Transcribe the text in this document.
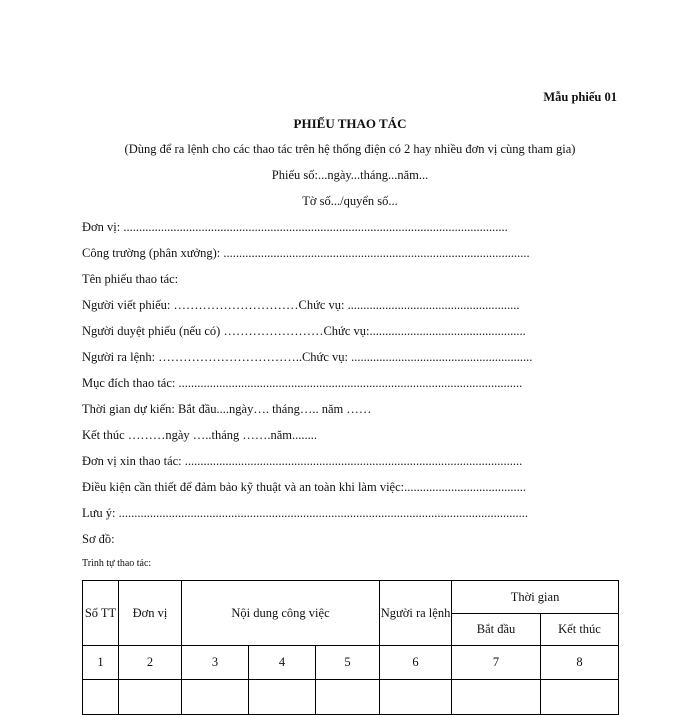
Mẫu phiếu 01
PHIẾU THAO TÁC
(Dùng để ra lệnh cho các thao tác trên hệ thống điện có 2 hay nhiều đơn vị cùng tham gia)
Phiếu số:...ngày...tháng...năm...
Tờ số.../quyển số...
Đơn vị: ...........................................................................................................................
Công trường (phân xưởng): ..................................................................................................
Tên phiếu thao tác:
Người viết phiếu: …………………………Chức vụ: .......................................................
Người duyệt phiếu (nếu có) ……………………Chức vụ:..................................................
Người ra lệnh: ……………………………..Chức vụ: ..........................................................
Mục đích thao tác: ..............................................................................................................
Thời gian dự kiến: Bắt đầu....ngày…. tháng….. năm ……
Kết thúc ………ngày …..tháng …….năm........
Đơn vị xin thao tác: ............................................................................................................
Điều kiện cần thiết để đảm bảo kỹ thuật và an toàn khi làm việc:.......................................
Lưu ý: ...................................................................................................................................
Sơ đồ:
Trình tự thao tác:
Số TT	Đơn vị	Nội dung công việc			Người ra lệnh	Thời gian	
						Bắt đầu	Kết thúc
1	2	3	4	5	6	7	8
